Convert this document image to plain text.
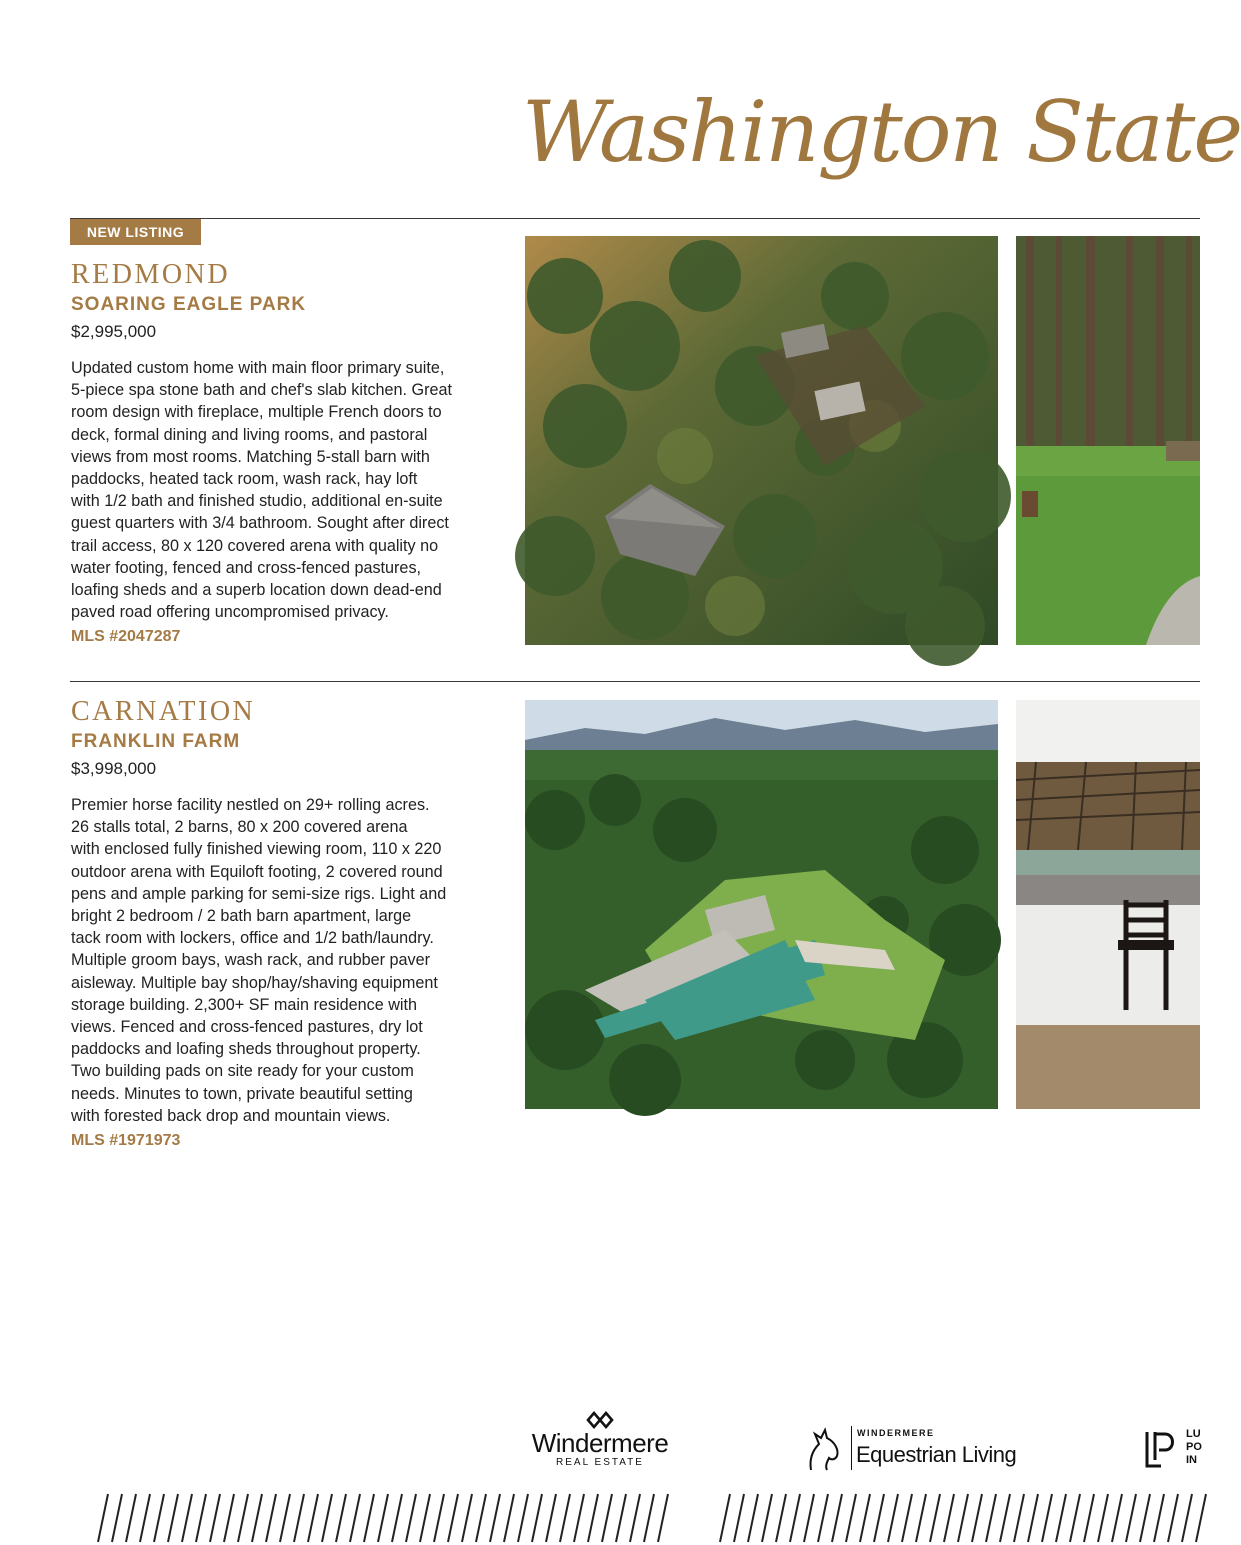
Washington State
NEW LISTING
REDMOND
SOARING EAGLE PARK
$2,995,000
Updated custom home with main floor primary suite,
5-piece spa stone bath and chef's slab kitchen. Great
room design with fireplace, multiple French doors to
deck, formal dining and living rooms, and pastoral
views from most rooms. Matching 5-stall barn with
paddocks, heated tack room, wash rack, hay loft
with 1/2 bath and finished studio, additional en-suite
guest quarters with 3/4 bathroom. Sought after direct
trail access, 80 x 120 covered arena with quality no
water footing, fenced and cross-fenced pastures,
loafing sheds and a superb location down dead-end
paved road offering uncompromised privacy.
MLS #2047287
CARNATION
FRANKLIN FARM
$3,998,000
Premier horse facility nestled on 29+ rolling acres.
26 stalls total, 2 barns, 80 x 200 covered arena
with enclosed fully finished viewing room, 110 x 220
outdoor arena with Equiloft footing, 2 covered round
pens and ample parking for semi-size rigs. Light and
bright 2 bedroom / 2 bath barn apartment, large
tack room with lockers, office and 1/2 bath/laundry.
Multiple groom bays, wash rack, and rubber paver
aisleway. Multiple bay shop/hay/shaving equipment
storage building. 2,300+ SF main residence with
views. Fenced and cross-fenced pastures, dry lot
paddocks and loafing sheds throughout property.
Two building pads on site ready for your custom
needs. Minutes to town, private beautiful setting
with forested back drop and mountain views.
MLS #1971973
Windermere
REAL ESTATE
WINDERMERE
Equestrian Living
LU
PO
IN
